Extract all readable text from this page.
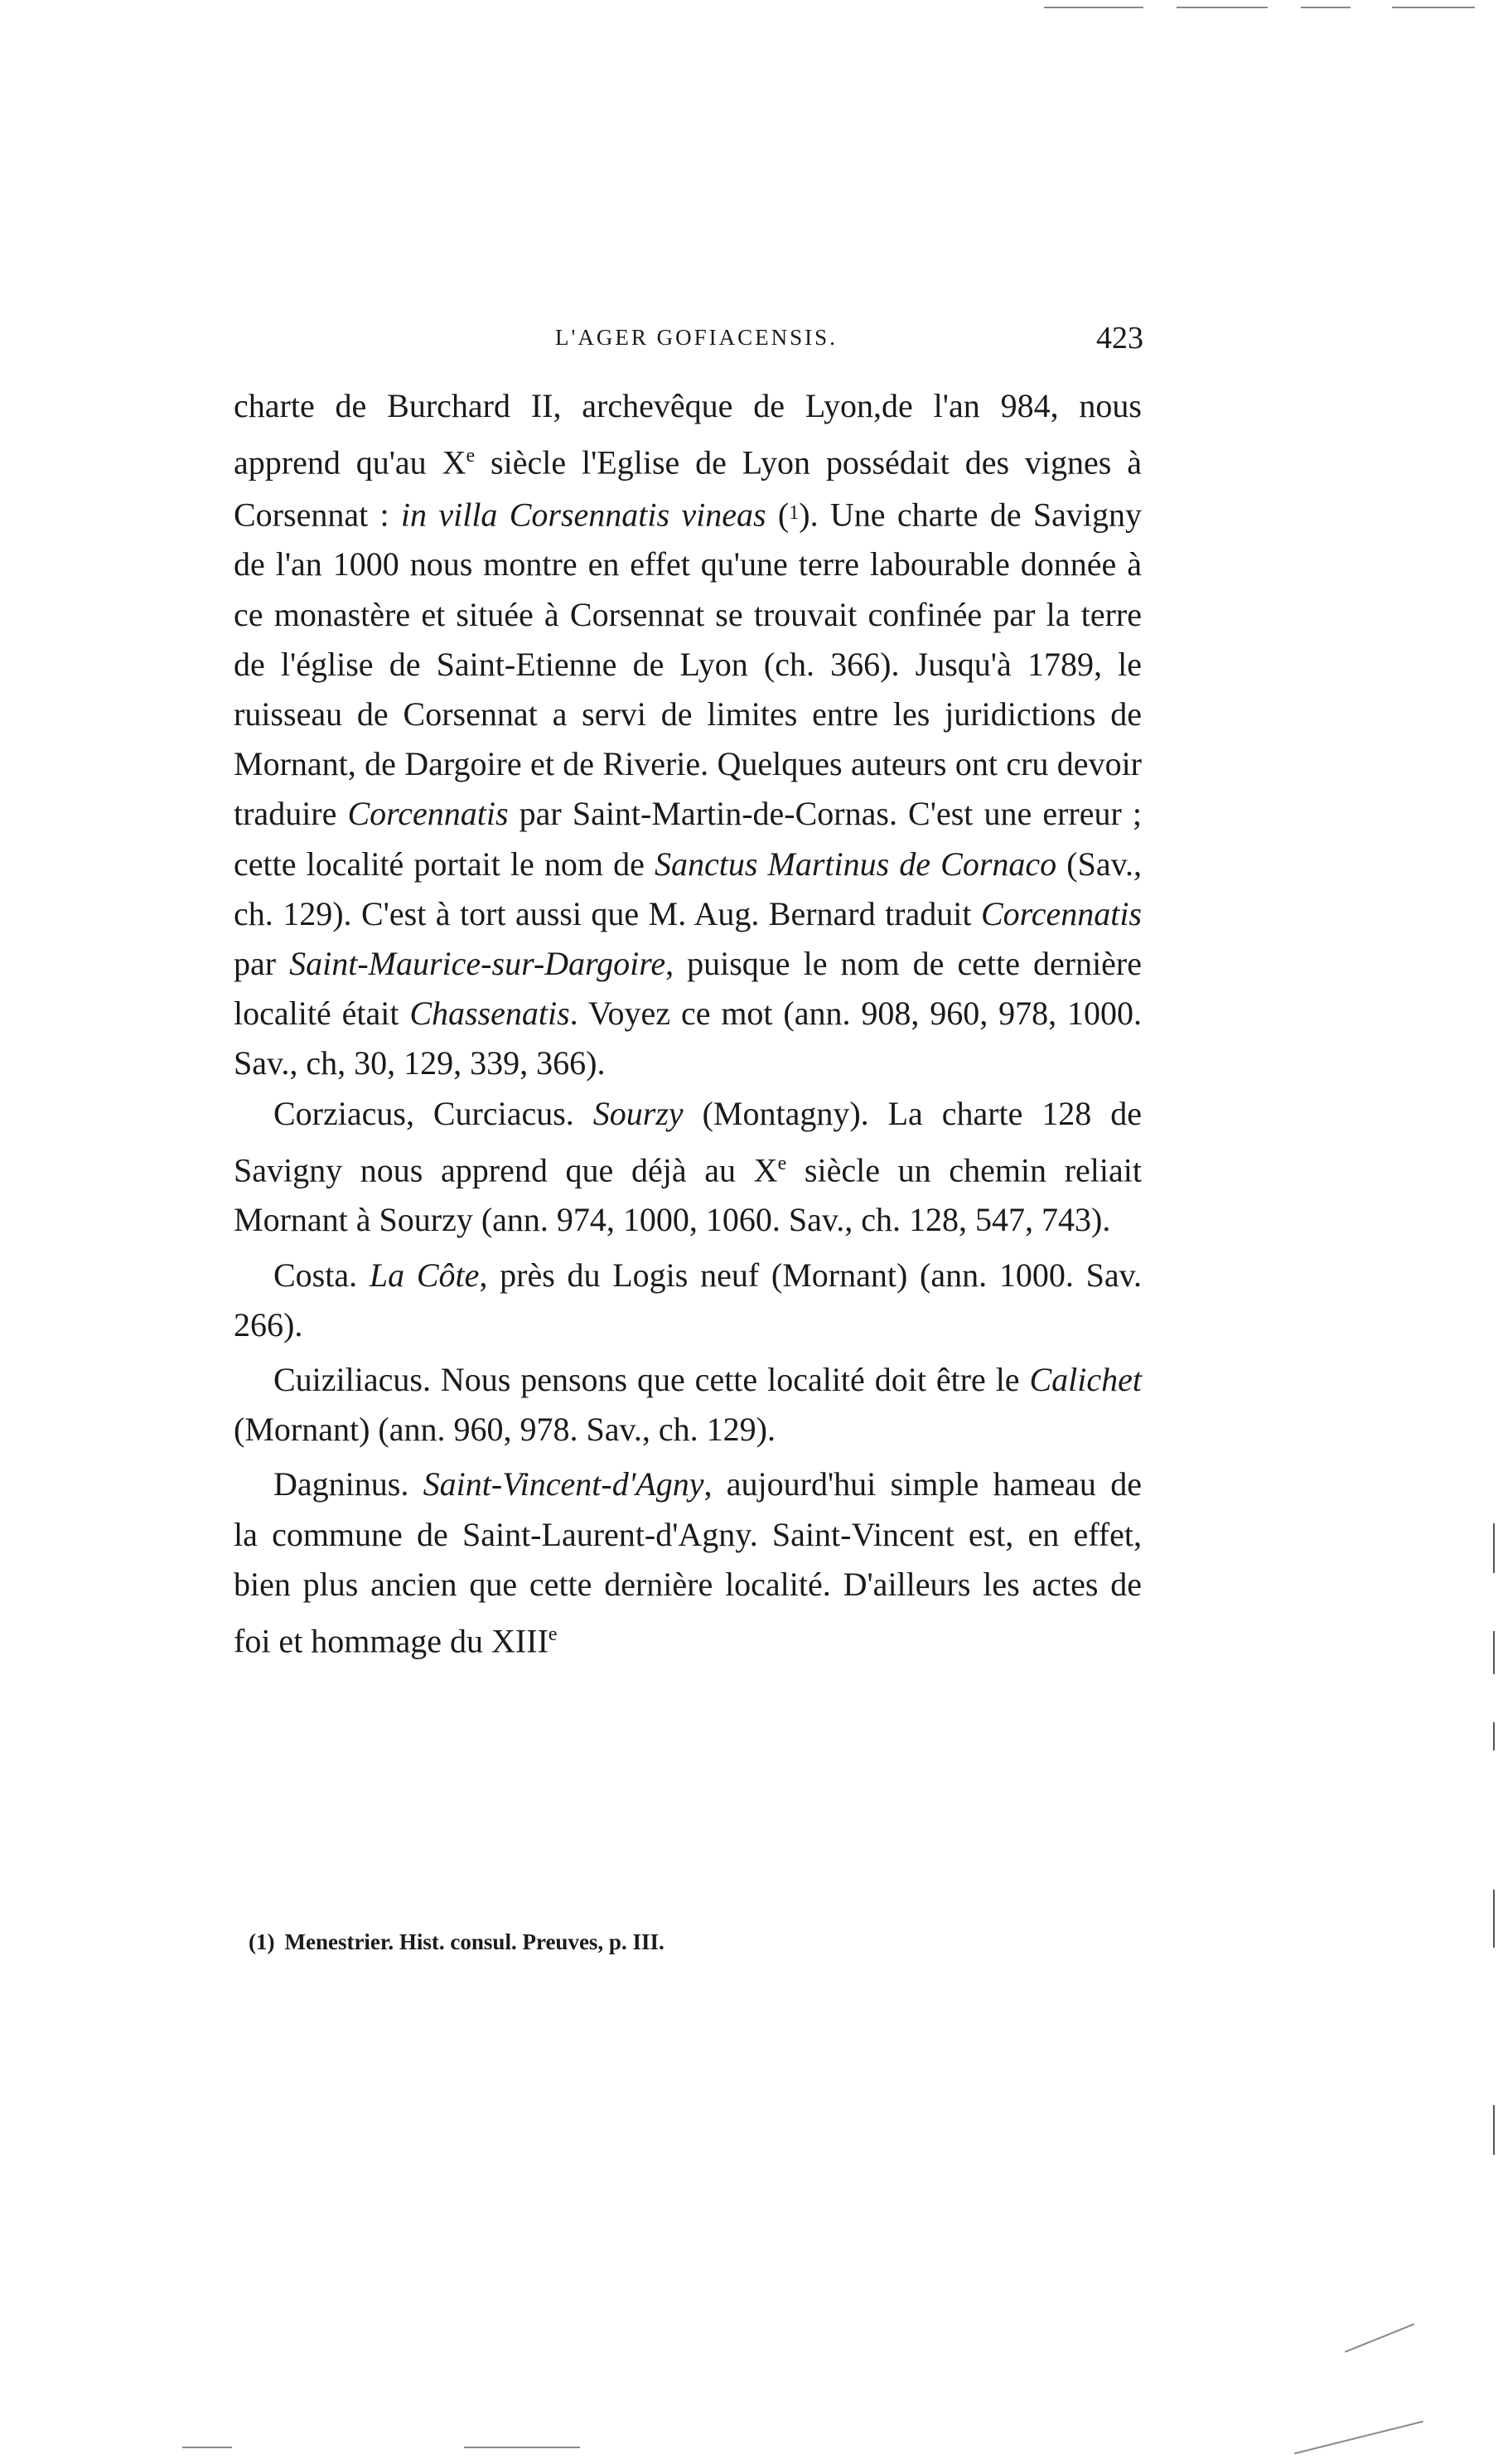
L'AGER GOFIACENSIS.	423

charte de Burchard II, archevêque de Lyon,de l'an 984, nous apprend qu'au Xe siècle l'Eglise de Lyon possédait des vignes à Corsennat : in villa Corsennatis vineas ($^1$). Une charte de Savigny de l'an 1000 nous montre en effet qu'une terre labourable donnée à ce monastère et située à Corsennat se trouvait confinée par la terre de l'église de Saint-Etienne de Lyon (ch. 366). Jusqu'à 1789, le ruisseau de Corsennat a servi de limites entre les juridictions de Mornant, de Dargoire et de Riverie. Quelques auteurs ont cru devoir traduire Corcennatis par Saint-Martin-de-Cornas. C'est une erreur ; cette localité portait le nom de Sanctus Martinus de Cornaco (Sav., ch. 129). C'est à tort aussi que M. Aug. Bernard traduit Corcennatis par Saint-Maurice-sur-Dargoire, puisque le nom de cette dernière localité était Chassenatis. Voyez ce mot (ann. 908, 960, 978, 1000. Sav., ch, 30, 129, 339, 366).

Corziacus, Curciacus. Sourzy (Montagny). La charte 128 de Savigny nous apprend que déjà au Xe siècle un chemin reliait Mornant à Sourzy (ann. 974, 1000, 1060. Sav., ch. 128, 547, 743).

Costa. La Côte, près du Logis neuf (Mornant) (ann. 1000. Sav. 266).

Cuiziliacus. Nous pensons que cette localité doit être le Calichet (Mornant) (ann. 960, 978. Sav., ch. 129).

Dagninus. Saint-Vincent-d'Agny, aujourd'hui simple hameau de la commune de Saint-Laurent-d'Agny. Saint-Vincent est, en effet, bien plus ancien que cette dernière localité. D'ailleurs les actes de foi et hommage du XIIIe

(1) Menestrier. Hist. consul. Preuves, p. III.
